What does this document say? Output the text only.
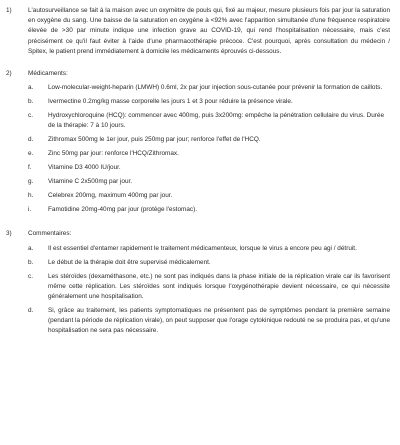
1)	L'autosurveillance se fait à la maison avec un oxymètre de pouls qui, fixé au majeur, mesure plusieurs fois par jour la saturation en oxygène du sang. Une baisse de la saturation en oxygène à <92% avec l'apparition simultanée d'une fréquence respiratoire élevée de >30 par minute indique une infection grave au COVID-19, qui rend l'hospitalisation nécessaire, mais c'est précisément ce qu'il faut éviter à l'aide d'une pharmacothérapie précoce. C'est pourquoi, après consultation du médecin / Spitex, le patient prend immédiatement à domicile les médicaments éprouvés ci-dessous.
2)	Médicaments:
a.	Low-molecular-weight-heparin (LMWH) 0.6ml, 2x par jour injection sous-cutanée pour prévenir la formation de caillots.
b.	Ivermectine 0.2mg/kg masse corporelle les jours 1 et 3 pour réduire la présence virale.
c.	Hydroxychloroquine (HCQ): commencer avec 400mg, puis 3x200mg: empêche la pénétration cellulaire du virus. Durée de la thérapie: 7 à 10 jours.
d.	Zithromax 500mg le 1er jour, puis 250mg par jour; renforce l'effet de l'HCQ.
e.	Zinc 50mg par jour: renforce l'HCQ/Zithromax.
f.	Vitamine D3 4000 IU/jour.
g.	Vitamine C 2x500mg par jour.
h.	Celebrex 200mg, maximum 400mg par jour.
i.	Famotidine 20mg-40mg par jour (protège l'estomac).
3)	Commentaires:
a.	Il est essentiel d'entamer rapidement le traitement médicamenteux, lorsque le virus a encore peu agi / détruit.
b.	Le début de la thérapie doit être supervisé médicalement.
c.	Les stéroïdes (dexaméthasone, etc.) ne sont pas indiqués dans la phase initiale de la réplication virale car ils favorisent même cette réplication. Les stéroïdes sont indiqués lorsque l'oxygénothérapie devient nécessaire, ce qui nécessite généralement une hospitalisation.
d.	Si, grâce au traitement, les patients symptomatiques ne présentent pas de symptômes pendant la première semaine (pendant la période de réplication virale), on peut supposer que l'orage cytokinique redouté ne se produira pas, et qu'une hospitalisation ne sera pas nécessaire.
